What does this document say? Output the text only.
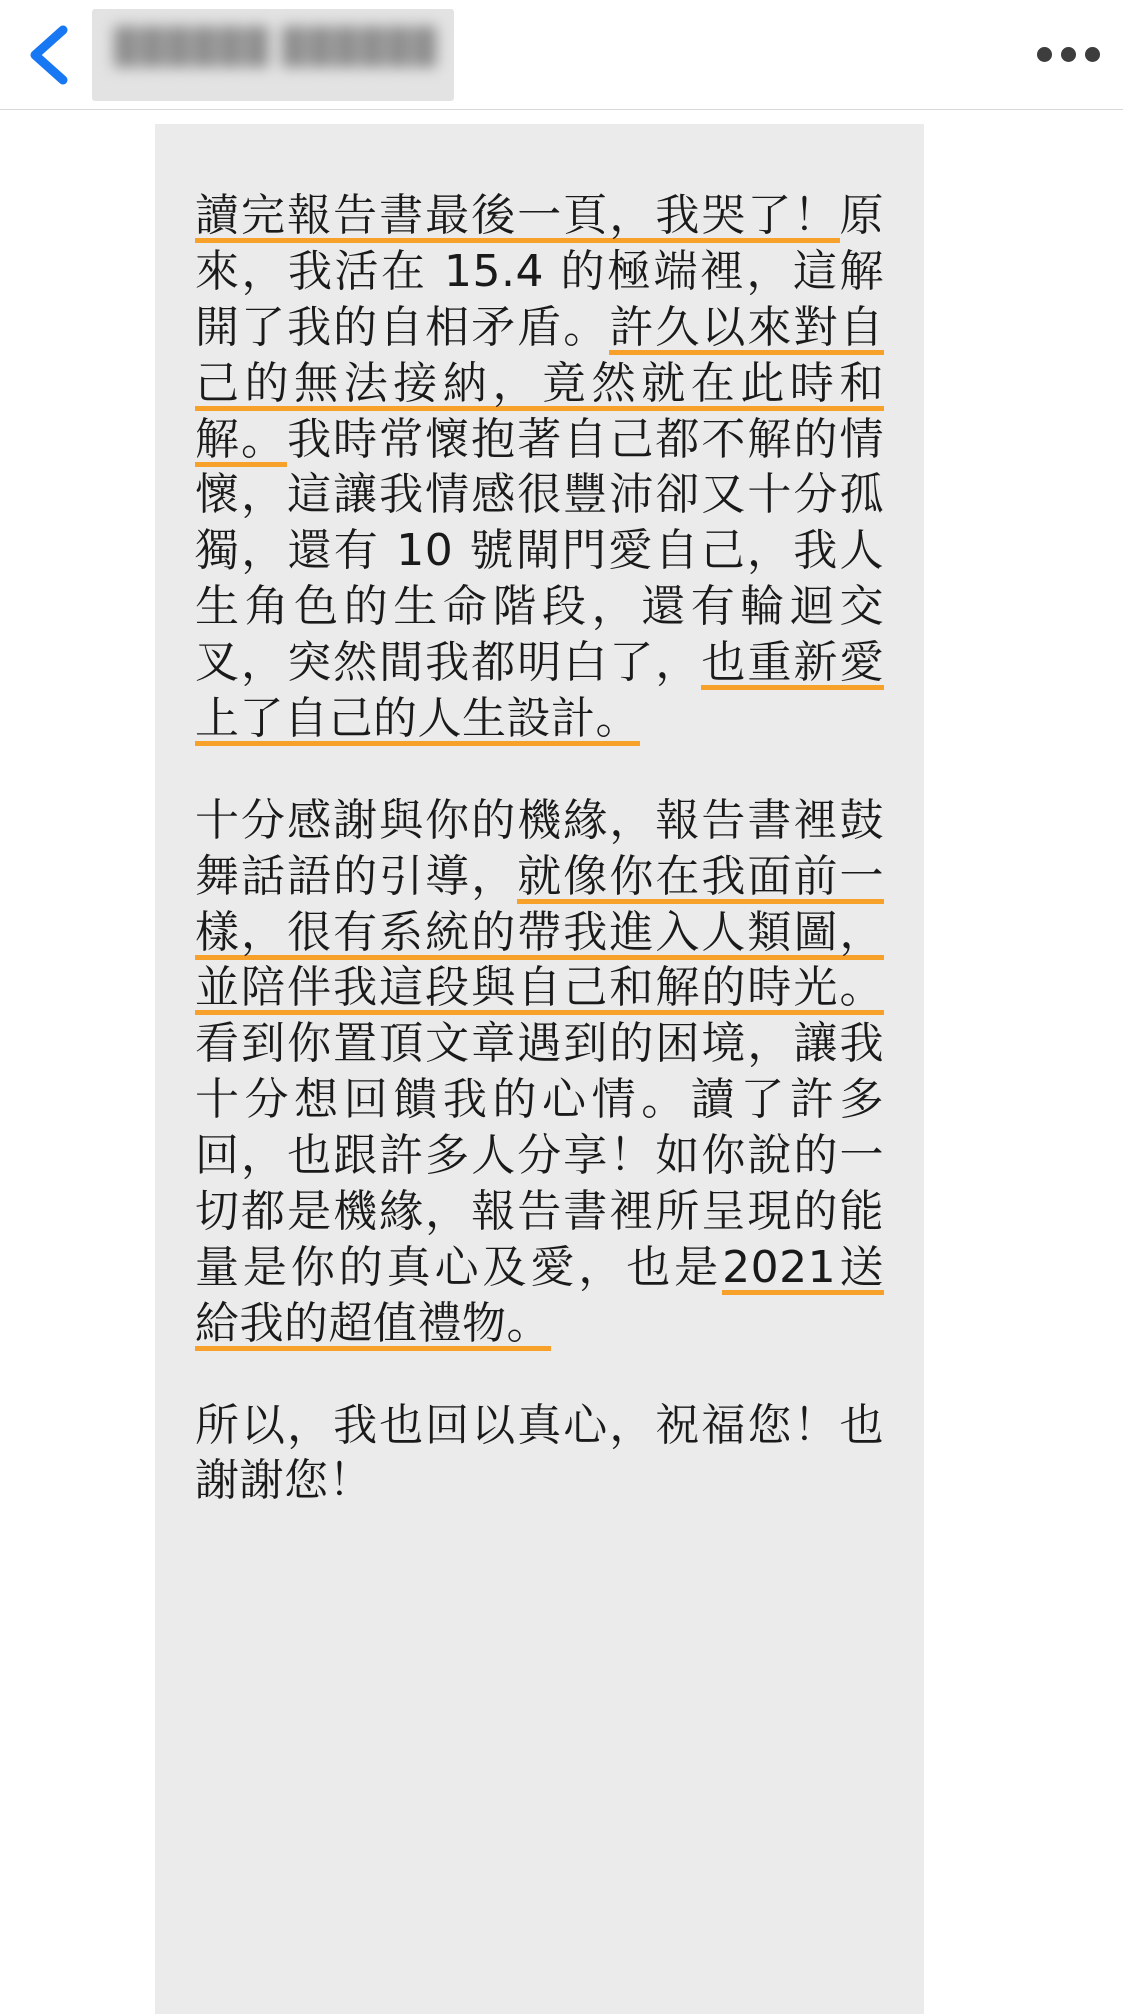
██████ ██████

讀完報告書最後一頁，我哭了！原來，我活在 15.4 的極端裡，這解開了我的自相矛盾。許久以來對自己的無法接納，竟然就在此時和解。我時常懷抱著自己都不解的情懷，這讓我情感很豐沛卻又十分孤獨，還有 10 號閘門愛自己，我人生角色的生命階段，還有輪迴交叉，突然間我都明白了，也重新愛上了自己的人生設計。

十分感謝與你的機緣，報告書裡鼓舞話語的引導，就像你在我面前一樣，很有系統的帶我進入人類圖，並陪伴我這段與自己和解的時光。看到你置頂文章遇到的困境，讓我十分想回饋我的心情。讀了許多回，也跟許多人分享！如你說的一切都是機緣，報告書裡所呈現的能量是你的真心及愛，也是2021送給我的超值禮物。

所以，我也回以真心，祝福您！也謝謝您！
